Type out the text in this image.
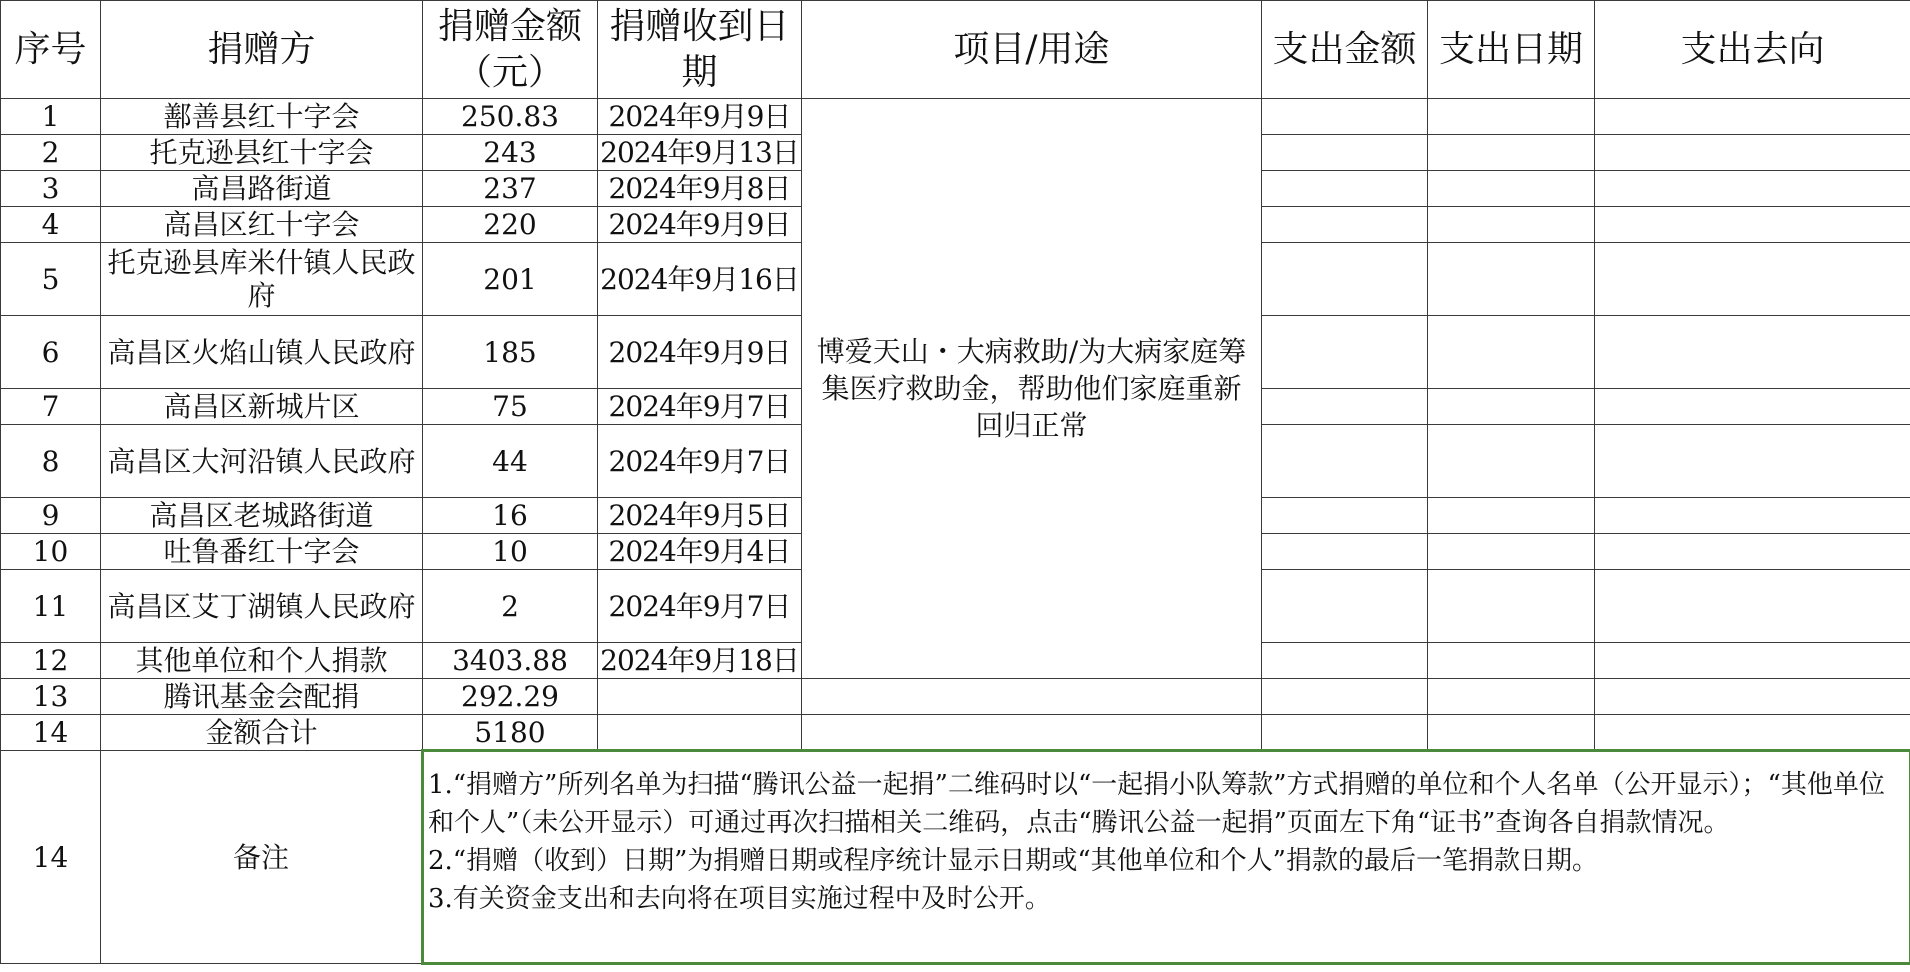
序号	捐赠方	捐赠金额（元）	捐赠收到日期	项目/用途	支出金额	支出日期	支出去向
1	鄯善县红十字会	250.83	2024年9月9日	博爱天山・大病救助/为大病家庭筹集医疗救助金，帮助他们家庭重新回归正常			
2	托克逊县红十字会	243	2024年9月13日				
3	高昌路街道	237	2024年9月8日				
4	高昌区红十字会	220	2024年9月9日				
5	托克逊县库米什镇人民政府	201	2024年9月16日				
6	高昌区火焰山镇人民政府	185	2024年9月9日				
7	高昌区新城片区	75	2024年9月7日				
8	高昌区大河沿镇人民政府	44	2024年9月7日				
9	高昌区老城路街道	16	2024年9月5日				
10	吐鲁番红十字会	10	2024年9月4日				
11	高昌区艾丁湖镇人民政府	2	2024年9月7日				
12	其他单位和个人捐款	3403.88	2024年9月18日				
13	腾讯基金会配捐	292.29					
14	金额合计	5180					
14	备注	1.“捐赠方”所列名单为扫描“腾讯公益一起捐”二维码时以“一起捐小队筹款”方式捐赠的单位和个人名单（公开显示）；“其他单位和个人”（未公开显示）可通过再次扫描相关二维码，点击“腾讯公益一起捐”页面左下角“证书”查询各自捐款情况。
2.“捐赠（收到）日期”为捐赠日期或程序统计显示日期或“其他单位和个人”捐款的最后一笔捐款日期。
3.有关资金支出和去向将在项目实施过程中及时公开。					
